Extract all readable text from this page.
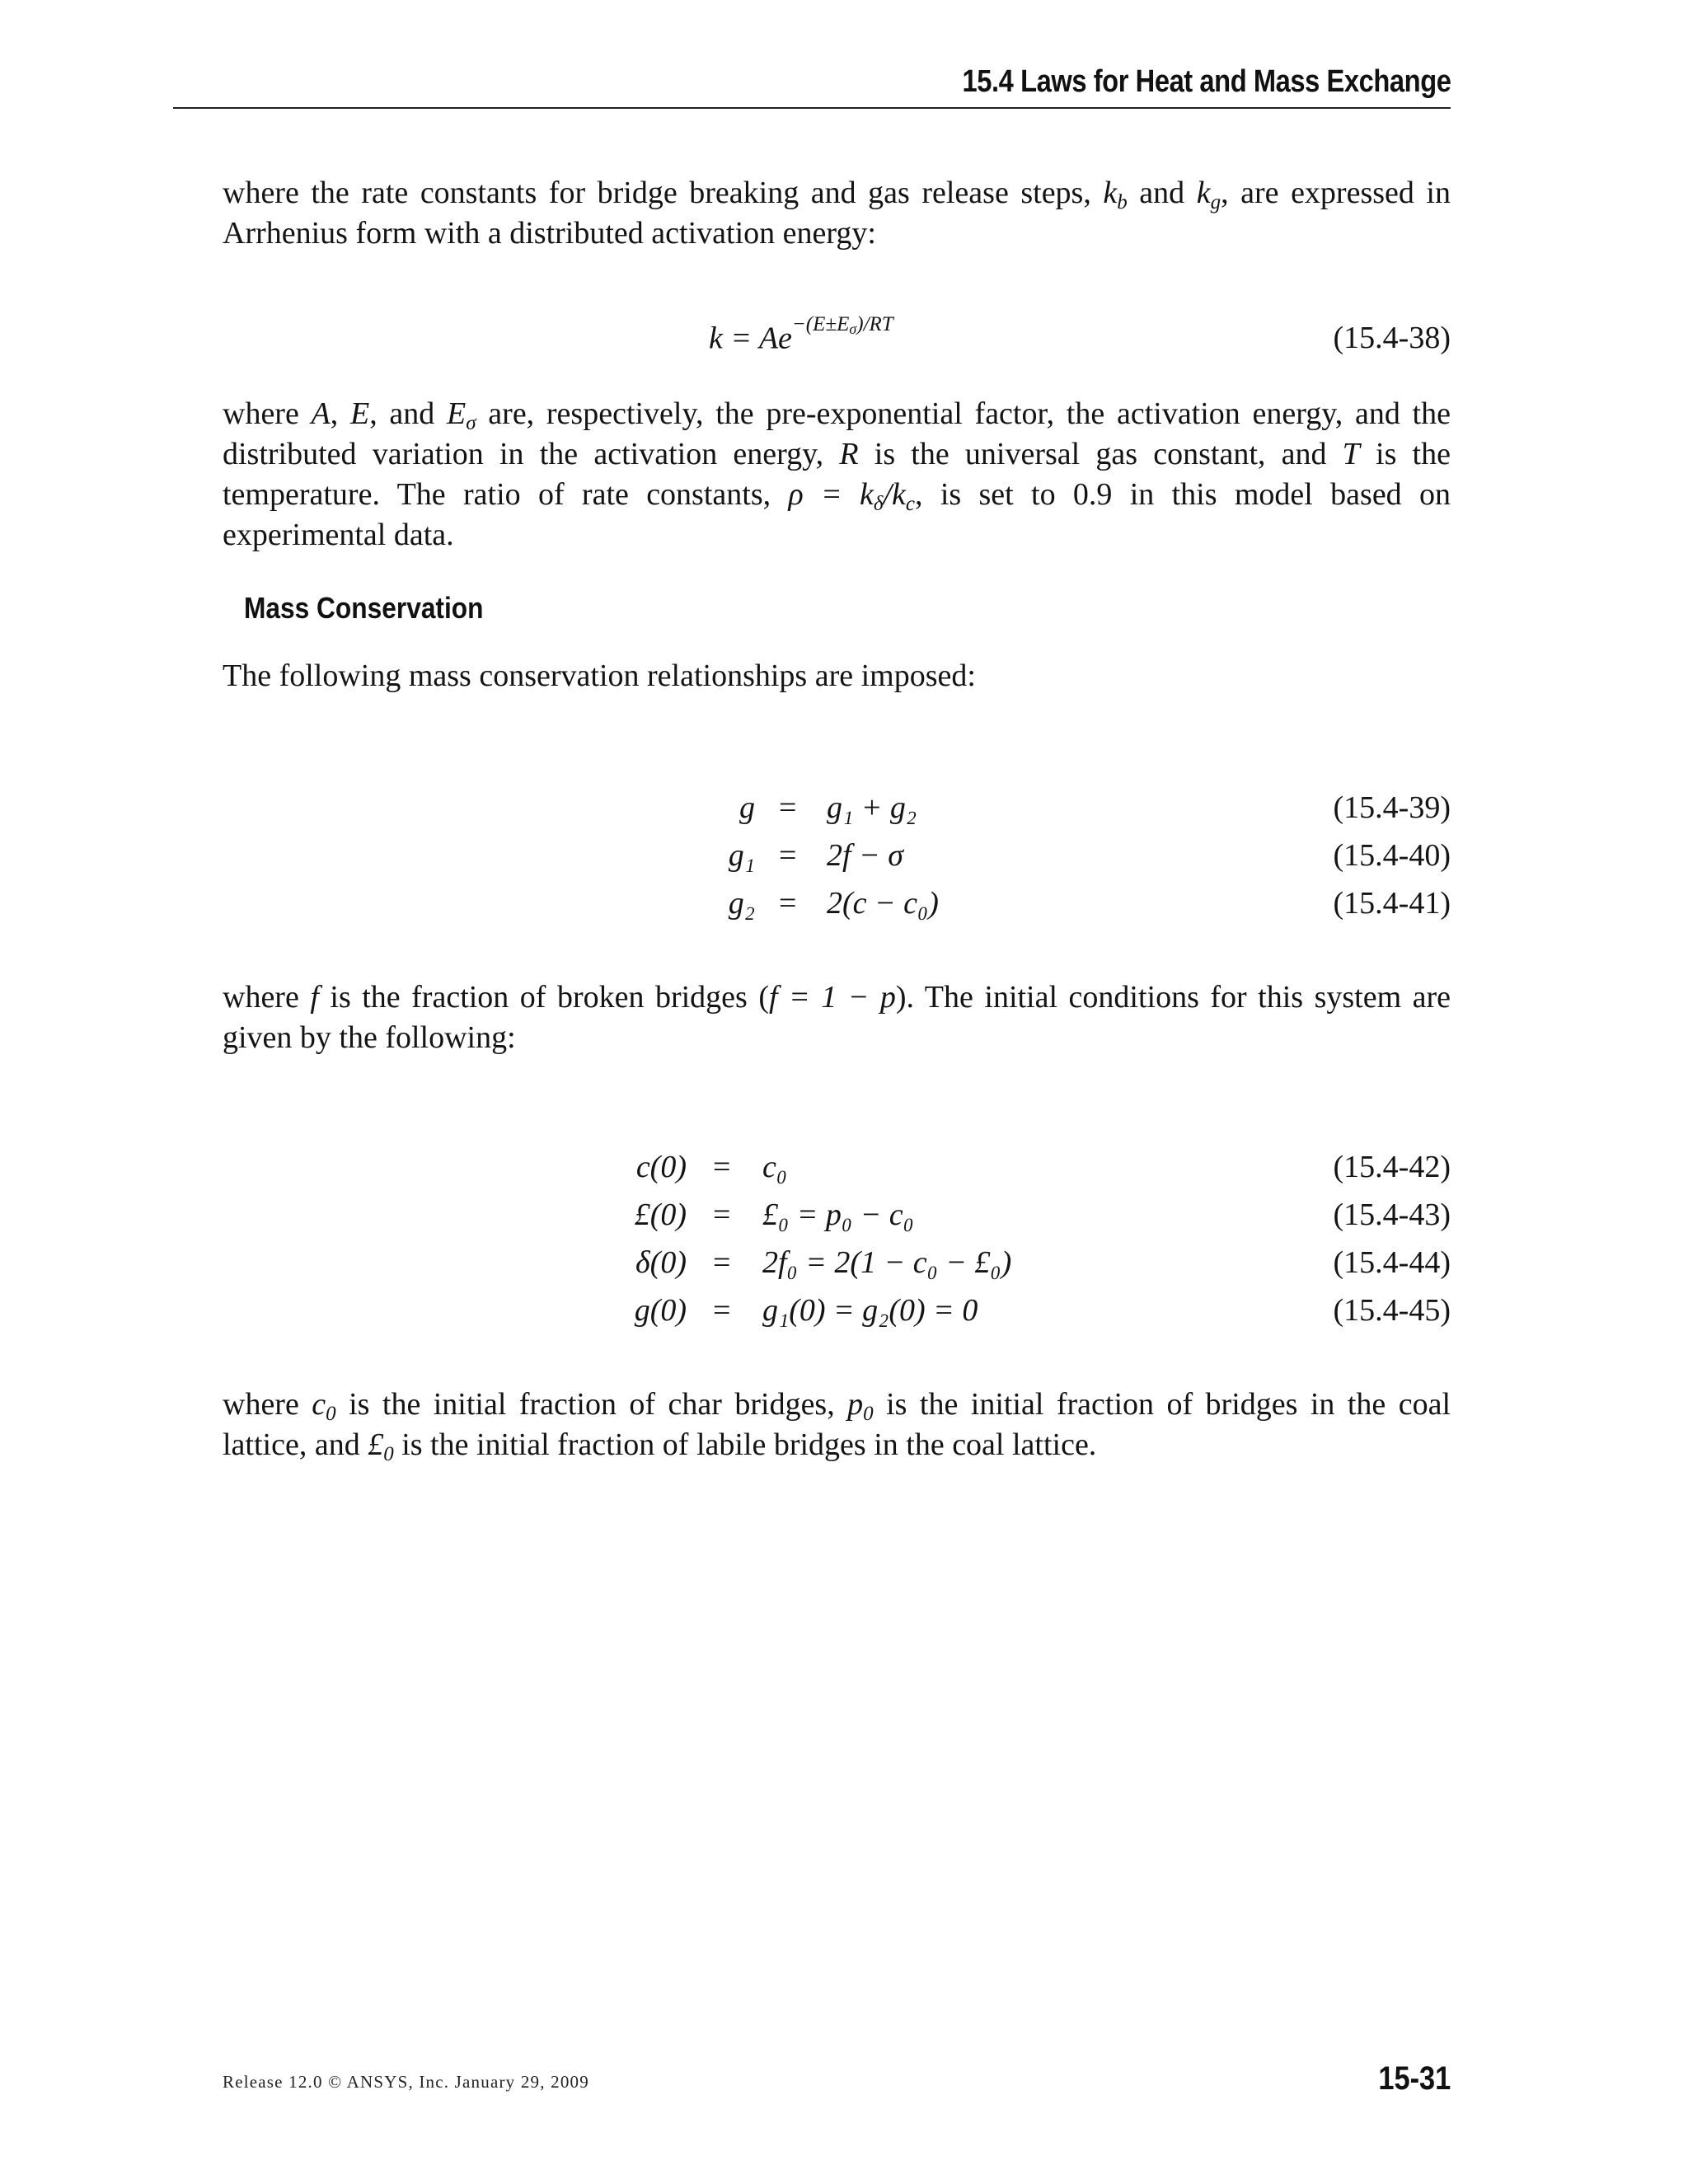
15.4 Laws for Heat and Mass Exchange
where the rate constants for bridge breaking and gas release steps, $k_b$ and $k_g$, are expressed in Arrhenius form with a distributed activation energy:
$k = Ae^{-(E\pm E_\sigma)/RT}$	(15.4-38)
where A, E, and $E_\sigma$ are, respectively, the pre-exponential factor, the activation energy, and the distributed variation in the activation energy, R is the universal gas constant, and T is the temperature. The ratio of rate constants, $\rho = k_\delta/k_c$, is set to 0.9 in this model based on experimental data.
Mass Conservation
The following mass conservation relationships are imposed:
g = g₁ + g₂	(15.4-39)
g₁ = 2f − σ	(15.4-40)
g₂ = 2(c − c₀)	(15.4-41)
where f is the fraction of broken bridges (f = 1 − p). The initial conditions for this system are given by the following:
c(0) = c₀	(15.4-42)
£(0) = £₀ = p₀ − c₀	(15.4-43)
δ(0) = 2f₀ = 2(1 − c₀ − £₀)	(15.4-44)
g(0) = g₁(0) = g₂(0) = 0	(15.4-45)
where $c_0$ is the initial fraction of char bridges, $p_0$ is the initial fraction of bridges in the coal lattice, and $£_0$ is the initial fraction of labile bridges in the coal lattice.
Release 12.0 © ANSYS, Inc. January 29, 2009	15-31
